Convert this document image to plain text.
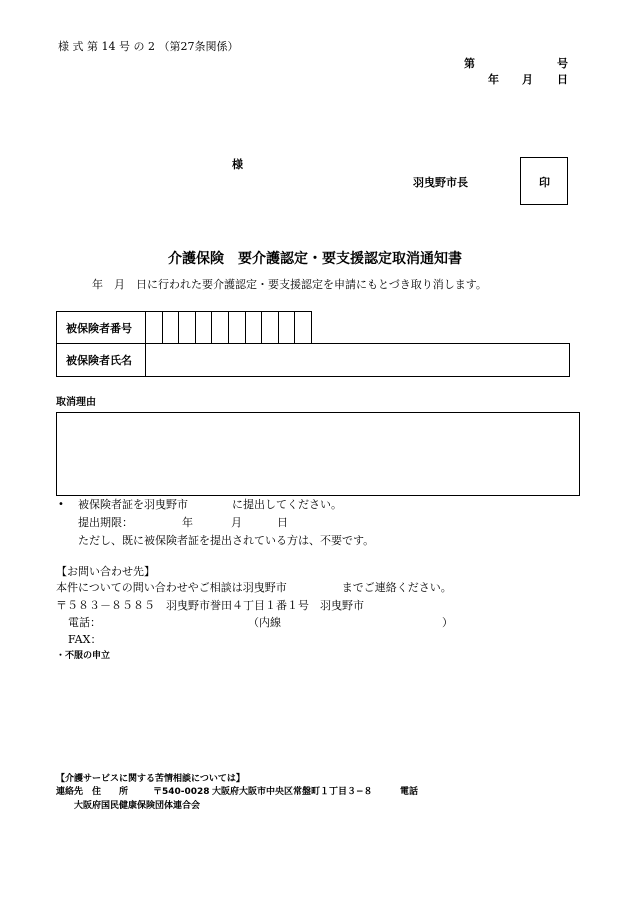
様 式 第 14 号 の 2 （第27条関係）
第	号
年 月 日
様
羽曳野市長	印
介護保険　要介護認定・要支援認定取消通知書
年　月　日に行われた要介護認定・要支援認定を申請にもとづき取り消します。
被保険者番号
被保険者氏名
取消理由
• 被保険者証を羽曳野市　　　　に提出してください。
提出期限：	年	月	日
ただし、既に被保険者証を提出されている方は、不要です。
【お問い合わせ先】
本件についての問い合わせやご相談は羽曳野市　　　　　までご連絡ください。
〒５８３－８５８５　羽曳野市誉田４丁目１番１号　羽曳野市
電話：	（内線	）
FAX：
・不服の申立
【介護サービスに関する苦情相談については】
連絡先　住　　所	〒540-0028 大阪府大阪市中央区常盤町１丁目３−８	電話
大阪府国民健康保険団体連合会
